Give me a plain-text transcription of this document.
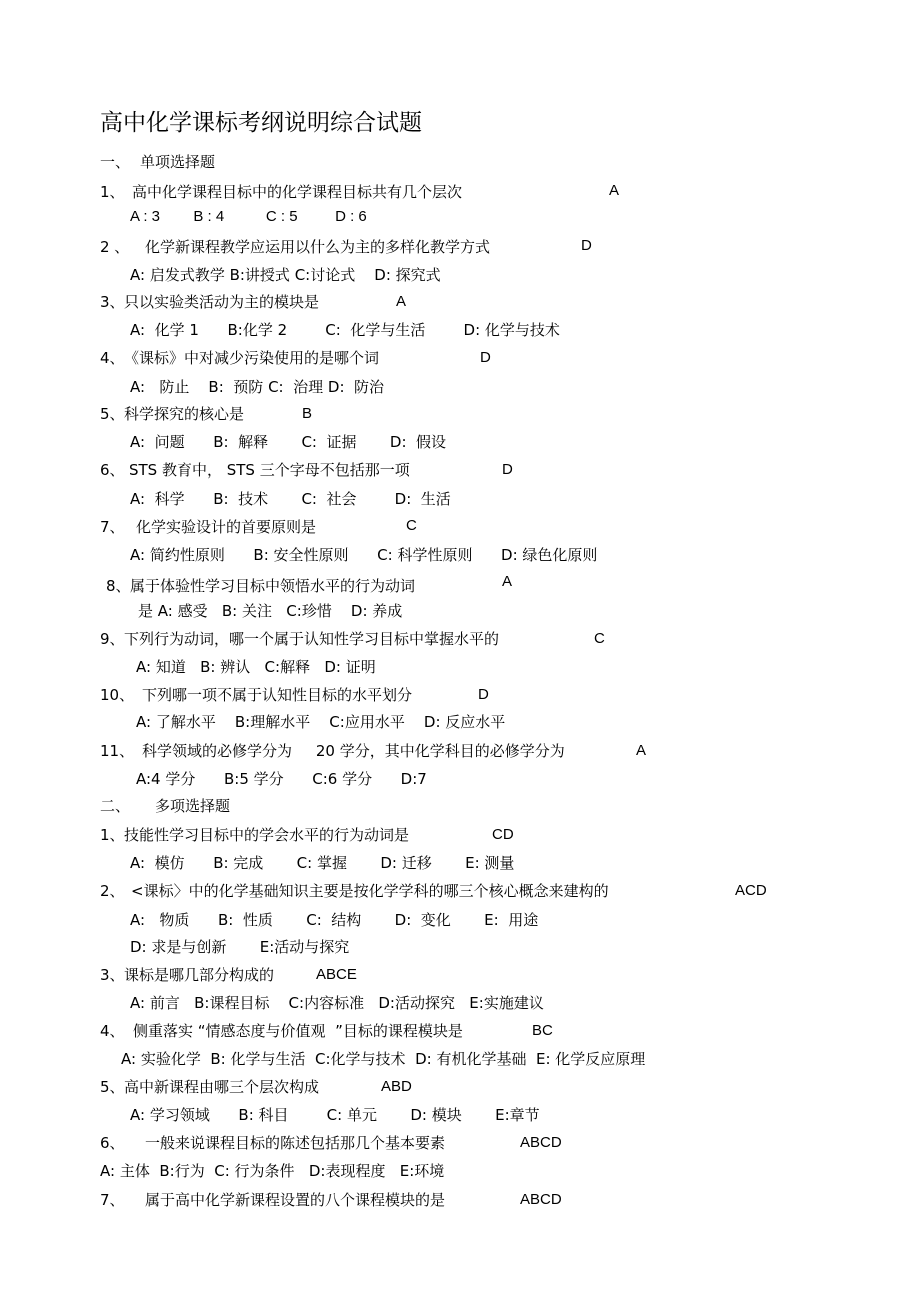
高中化学课标考纲说明综合试题
一、 单项选择题
1、 高中化学课程目标中的化学课程目标共有几个层次	A
A : 3        B : 4          C : 5         D : 6
2 、 化学新课程教学应运用以什么为主的多样化教学方式	D
A: 启发式教学 B:讲授式 C:讨论式    D: 探究式
3、 只以实验类活动为主的模块是	A
A:  化学 1      B:化学 2        C:  化学与生活        D: 化学与技术
4、 《课标》中对减少污染使用的是哪个词	D
A:   防止    B:  预防 C:  治理 D:  防治
5、 科学探究的核心是	B
A:  问题      B:  解释       C:  证据       D:  假设
6、 STS 教育中， STS 三个字母不包括那一项	D
A:  科学      B:  技术       C:  社会        D:  生活
7、 化学实验设计的首要原则是	C
A: 简约性原则      B: 安全性原则      C: 科学性原则      D: 绿色化原则
8、 属于体验性学习目标中领悟水平的行为动词	A
是 A: 感受   B: 关注   C:珍惜    D: 养成
9、 下列行为动词，哪一个属于认知性学习目标中掌握水平的	C
A: 知道   B: 辨认   C:解释   D: 证明
10、 下列哪一项不属于认知性目标的水平划分	D
A: 了解水平    B:理解水平    C:应用水平    D: 反应水平
11、 科学领域的必修学分为     20 学分，其中化学科目的必修学分为	A
A:4 学分      B:5 学分      C:6 学分      D:7
二、 多项选择题
1、 技能性学习目标中的学会水平的行为动词是	CD
A:  模仿      B: 完成       C: 掌握       D: 迁移       E: 测量
2、 <课标〉中的化学基础知识主要是按化学学科的哪三个核心概念来建构的	ACD
A:   物质      B:  性质       C:  结构       D:  变化       E:  用途
D: 求是与创新       E:活动与探究
3、 课标是哪几部分构成的	ABCE
A: 前言   B:课程目标    C:内容标准   D:活动探究   E:实施建议
4、 侧重落实 “情感态度与价值观  ”目标的课程模块是	BC
A: 实验化学  B: 化学与生活  C:化学与技术  D: 有机化学基础  E: 化学反应原理
5、 高中新课程由哪三个层次构成	ABD
A: 学习领域      B: 科目        C: 单元       D: 模块       E:章节
6、 一般来说课程目标的陈述包括那几个基本要素	ABCD
A: 主体  B:行为  C: 行为条件   D:表现程度   E:环境
7、 属于高中化学新课程设置的八个课程模块的是	ABCD
